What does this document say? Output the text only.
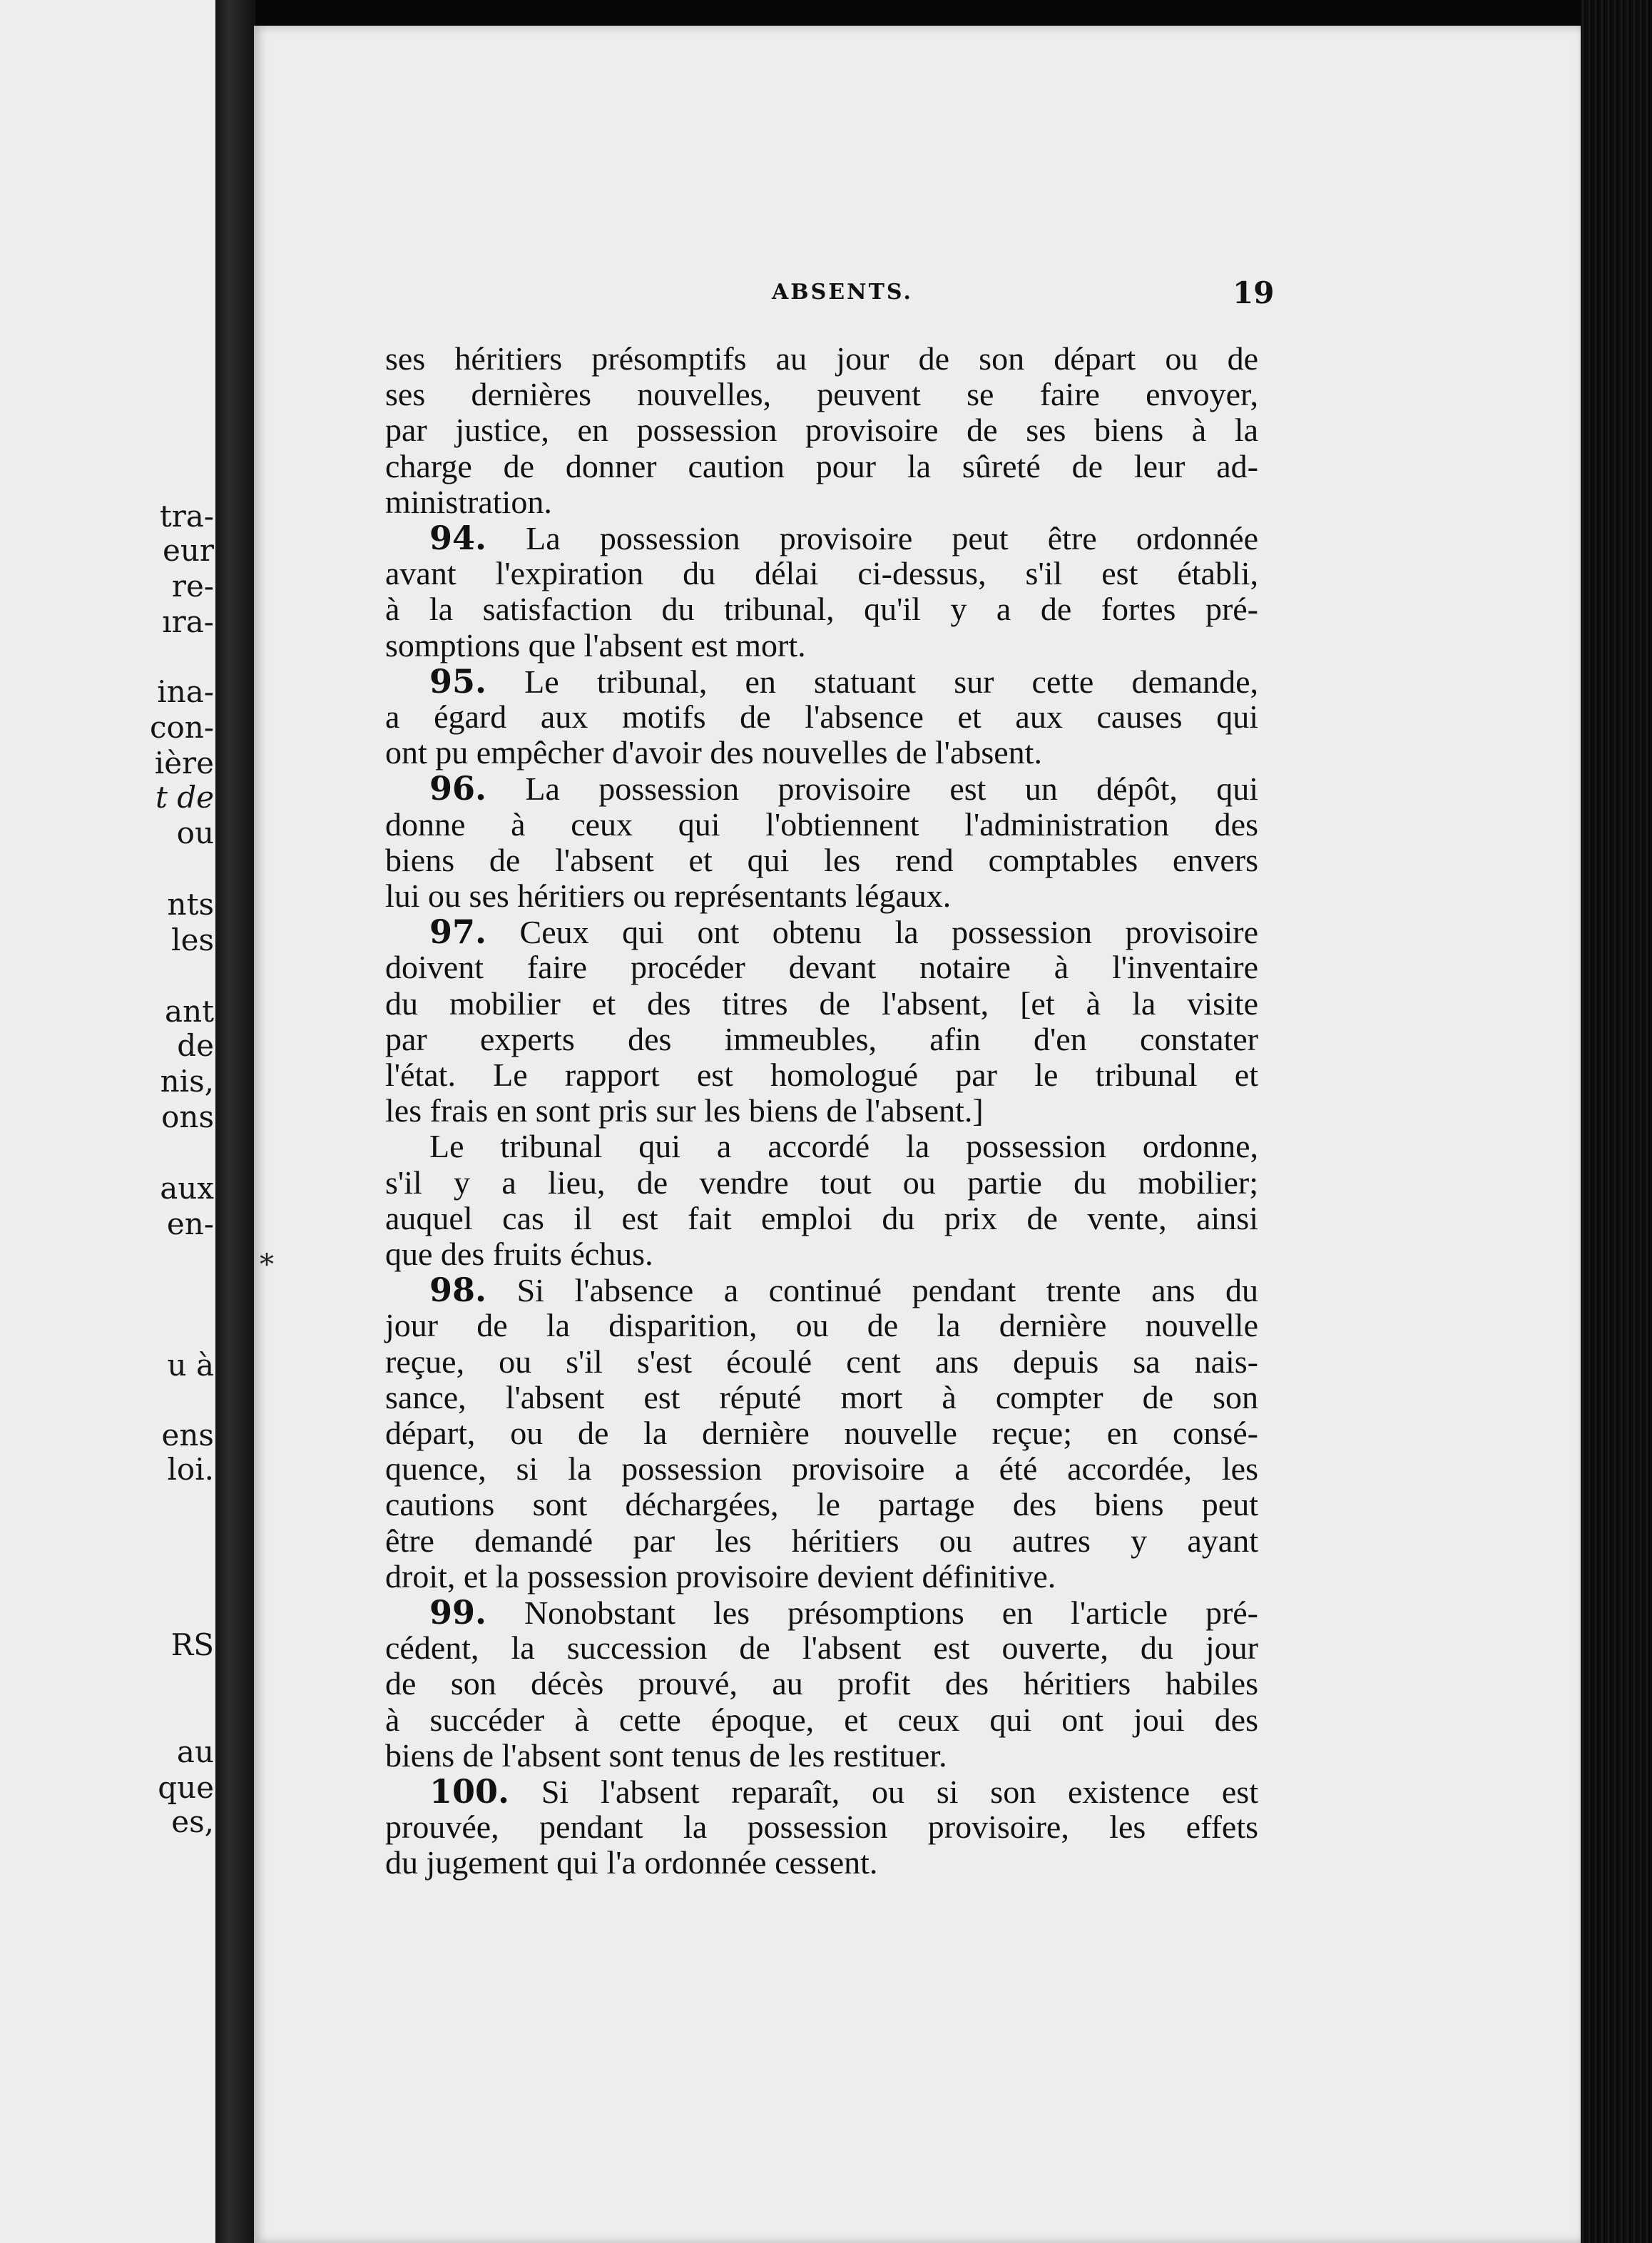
tra-
eur
re-
ıra-
ina-
con-
ière
t de
ou
nts
les
ant
de
nis,
ons
aux
en-
u à
ens
loi.
RS
au
que
es,
ABSENTS.	19
*
ses héritiers présomptifs au jour de son départ ou de
ses dernières nouvelles, peuvent se faire envoyer,
par justice, en possession provisoire de ses biens à la
charge de donner caution pour la sûreté de leur ad-
ministration.
94. La possession provisoire peut être ordonnée
avant l'expiration du délai ci-dessus, s'il est établi,
à la satisfaction du tribunal, qu'il y a de fortes pré-
somptions que l'absent est mort.
95. Le tribunal, en statuant sur cette demande,
a égard aux motifs de l'absence et aux causes qui
ont pu empêcher d'avoir des nouvelles de l'absent.
96. La possession provisoire est un dépôt, qui
donne à ceux qui l'obtiennent l'administration des
biens de l'absent et qui les rend comptables envers
lui ou ses héritiers ou représentants légaux.
97. Ceux qui ont obtenu la possession provisoire
doivent faire procéder devant notaire à l'inventaire
du mobilier et des titres de l'absent, [et à la visite
par experts des immeubles, afin d'en constater
l'état. Le rapport est homologué par le tribunal et
les frais en sont pris sur les biens de l'absent.]
Le tribunal qui a accordé la possession ordonne,
s'il y a lieu, de vendre tout ou partie du mobilier;
auquel cas il est fait emploi du prix de vente, ainsi
que des fruits échus.
98. Si l'absence a continué pendant trente ans du
jour de la disparition, ou de la dernière nouvelle
reçue, ou s'il s'est écoulé cent ans depuis sa nais-
sance, l'absent est réputé mort à compter de son
départ, ou de la dernière nouvelle reçue; en consé-
quence, si la possession provisoire a été accordée, les
cautions sont déchargées, le partage des biens peut
être demandé par les héritiers ou autres y ayant
droit, et la possession provisoire devient définitive.
99. Nonobstant les présomptions en l'article pré-
cédent, la succession de l'absent est ouverte, du jour
de son décès prouvé, au profit des héritiers habiles
à succéder à cette époque, et ceux qui ont joui des
biens de l'absent sont tenus de les restituer.
100. Si l'absent reparaît, ou si son existence est
prouvée, pendant la possession provisoire, les effets
du jugement qui l'a ordonnée cessent.
